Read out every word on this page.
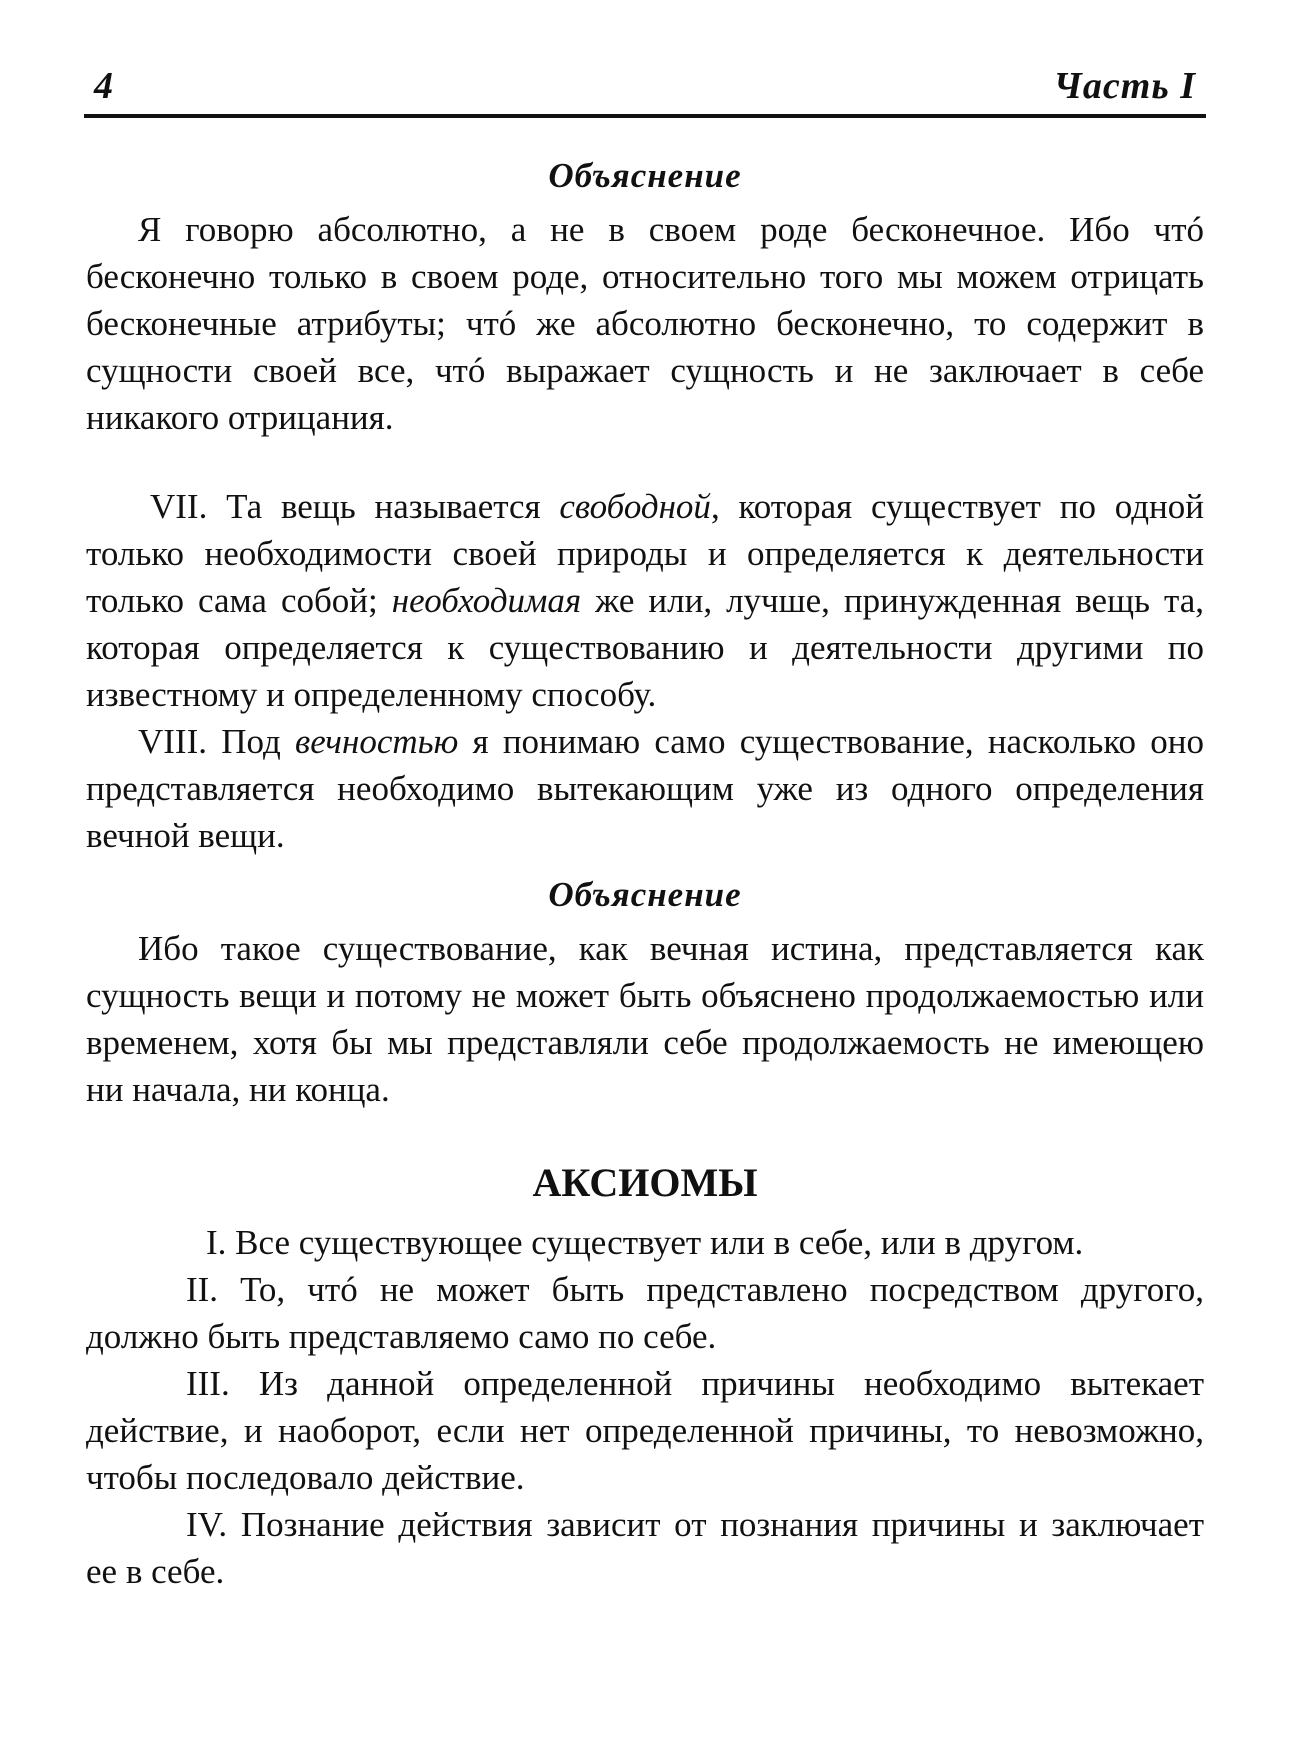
4	Часть I
Объяснение

Я говорю абсолютно, а не в своем роде бесконечное. Ибо чтó бесконечно только в своем роде, относительно того мы можем отрицать бесконечные атрибуты; чтó же абсолютно бесконечно, то содержит в сущности своей все, чтó выражает сущность и не заключает в себе никакого отрицания.

VII. Та вещь называется свободной, которая существует по одной только необходимости своей природы и определяется к деятельности только сама собой; необходимая же или, лучше, принужденная вещь та, которая определяется к существованию и деятельности другими по известному и определенному способу.

VIII. Под вечностью я понимаю само существование, насколько оно представляется необходимо вытекающим уже из одного определения вечной вещи.

Объяснение

Ибо такое существование, как вечная истина, представляется как сущность вещи и потому не может быть объяснено продолжаемостью или временем, хотя бы мы представляли себе продолжаемость не имеющею ни начала, ни конца.

АКСИОМЫ

I. Все существующее существует или в себе, или в другом.

II. То, чтó не может быть представлено посредством другого, должно быть представляемо само по себе.

III. Из данной определенной причины необходимо вытекает действие, и наоборот, если нет определенной причины, то невозможно, чтобы последовало действие.

IV. Познание действия зависит от познания причины и заключает ее в себе.
